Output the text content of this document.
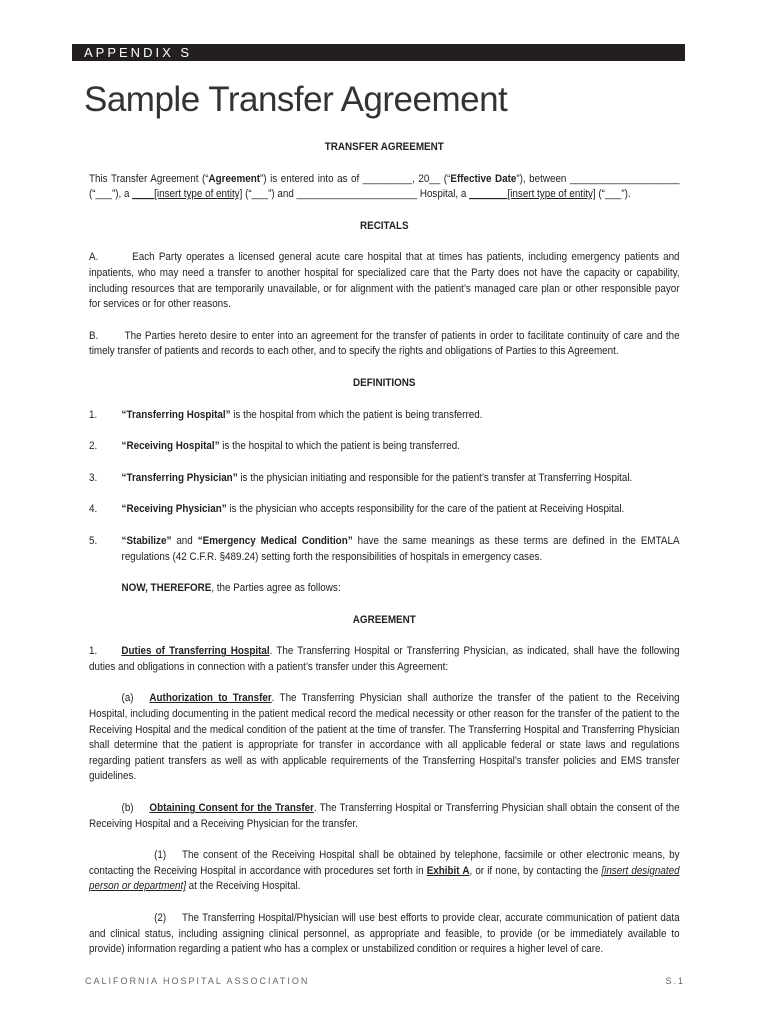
APPENDIX S
Sample Transfer Agreement

TRANSFER AGREEMENT

This Transfer Agreement (“Agreement”) is entered into as of _________, 20__ (“Effective Date”), between ____________________ (“___”), a ____[insert type of entity] (“___”) and ______________________ Hospital, a _______[insert type of entity] (“___”).

RECITALS

A.        Each Party operates a licensed general acute care hospital that at times has patients, including emergency patients and inpatients, who may need a transfer to another hospital for specialized care that the Party does not have the capacity or capability, including resources that are temporarily unavailable, or for alignment with the patient’s managed care plan or other responsible payor for services or for other reasons.

B.        The Parties hereto desire to enter into an agreement for the transfer of patients in order to facilitate continuity of care and the timely transfer of patients and records to each other, and to specify the rights and obligations of Parties to this Agreement.

DEFINITIONS

1.	“Transferring Hospital” is the hospital from which the patient is being transferred.
2.	“Receiving Hospital” is the hospital to which the patient is being transferred.
3.	“Transferring Physician” is the physician initiating and responsible for the patient’s transfer at Transferring Hospital.
4.	“Receiving Physician” is the physician who accepts responsibility for the care of the patient at Receiving Hospital.
5.	“Stabilize” and “Emergency Medical Condition” have the same meanings as these terms are defined in the EMTALA regulations (42 C.F.R. §489.24) setting forth the responsibilities of hospitals in emergency cases.

NOW, THEREFORE, the Parties agree as follows:

AGREEMENT

1. Duties of Transferring Hospital. The Transferring Hospital or Transferring Physician, as indicated, shall have the following duties and obligations in connection with a patient’s transfer under this Agreement:

(a) Authorization to Transfer. The Transferring Physician shall authorize the transfer of the patient to the Receiving Hospital, including documenting in the patient medical record the medical necessity or other reason for the transfer of the patient to the Receiving Hospital and the medical condition of the patient at the time of transfer. The Transferring Hospital and Transferring Physician shall determine that the patient is appropriate for transfer in accordance with all applicable federal or state laws and regulations regarding patient transfers as well as with applicable requirements of the Transferring Hospital’s transfer policies and EMS transfer guidelines.

(b) Obtaining Consent for the Transfer. The Transferring Hospital or Transferring Physician shall obtain the consent of the Receiving Hospital and a Receiving Physician for the transfer.

(1) The consent of the Receiving Hospital shall be obtained by telephone, facsimile or other electronic means, by contacting the Receiving Hospital in accordance with procedures set forth in Exhibit A, or if none, by contacting the [insert designated person or department] at the Receiving Hospital.

(2) The Transferring Hospital/Physician will use best efforts to provide clear, accurate communication of patient data and clinical status, including assigning clinical personnel, as appropriate and feasible, to provide (or be immediately available to provide) information regarding a patient who has a complex or unstabilized condition or requires a higher level of care.

CALIFORNIA HOSPITAL ASSOCIATION	S.1
